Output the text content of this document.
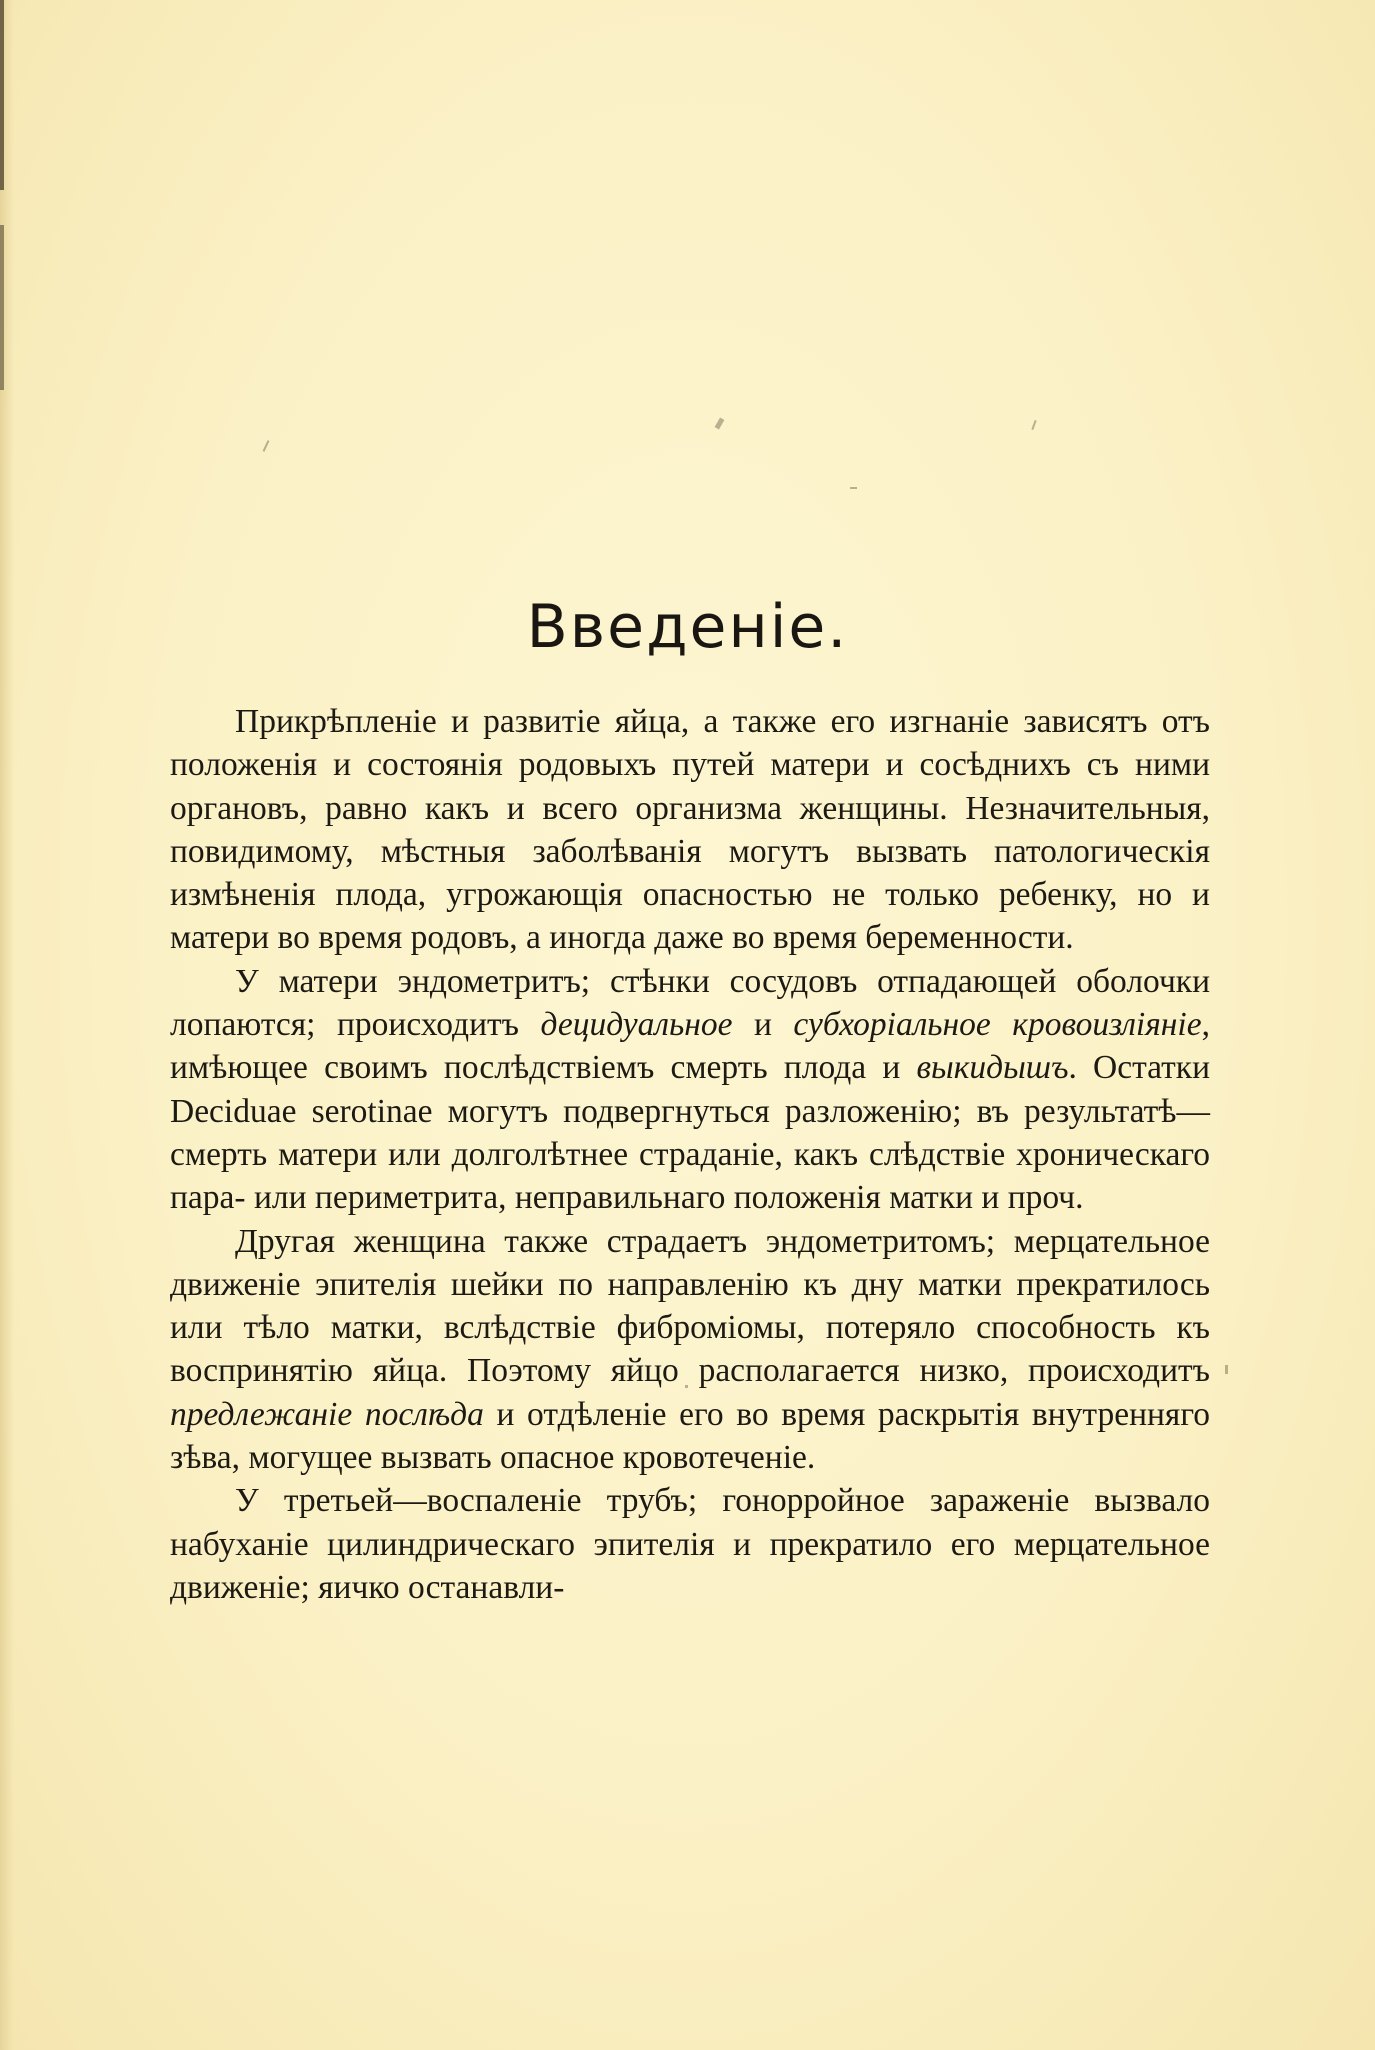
Введеніе.

Прикрѣпленіе и развитіе яйца, а также его изгнаніе зависятъ отъ положенія и состоянія родовыхъ путей матери и сосѣднихъ съ ними органовъ, равно какъ и всего организма женщины. Незначительныя, повидимому, мѣстныя заболѣванія могутъ вызвать патологическія измѣненія плода, угрожающія опасностью не только ребенку, но и матери во время родовъ, а иногда даже во время беременности.

У матери эндометритъ; стѣнки сосудовъ отпадающей оболочки лопаются; происходитъ децидуальное и субхоріальное кровоизліяніе, имѣющее своимъ послѣдствіемъ смерть плода и выкидышъ. Остатки Deciduae serotinae могутъ подвергнуться разложенію; въ результатѣ—смерть матери или долголѣтнее страданіе, какъ слѣдствіе хроническаго пара- или периметрита, неправильнаго положенія матки и проч.

Другая женщина также страдаетъ эндометритомъ; мерцательное движеніе эпителія шейки по направленію къ дну матки прекратилось или тѣло матки, вслѣдствіе фиброміомы, потеряло способность къ воспринятію яйца. Поэтому яйцо располагается низко, происходитъ предлежаніе послѣда и отдѣленіе его во время раскрытія внутренняго зѣва, могущее вызвать опасное кровотеченіе.

У третьей—воспаленіе трубъ; гонорройное зараженіе вызвало набуханіе цилиндрическаго эпителія и прекратило его мерцательное движеніе; яичко останавли-
